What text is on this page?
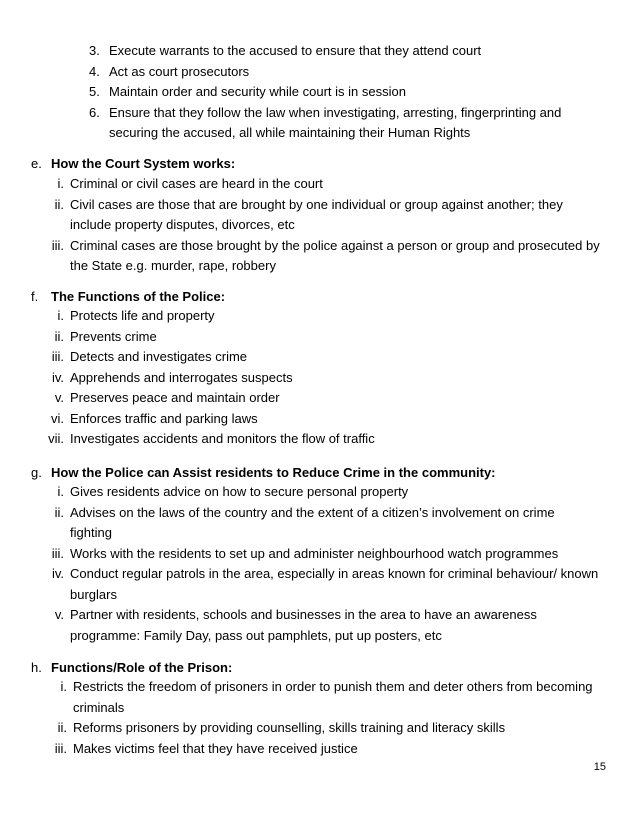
3. Execute warrants to the accused to ensure that they attend court
4. Act as court prosecutors
5. Maintain order and security while court is in session
6. Ensure that they follow the law when investigating, arresting, fingerprinting and securing the accused, all while maintaining their Human Rights
e. How the Court System works:
i. Criminal or civil cases are heard in the court
ii. Civil cases are those that are brought by one individual or group against another; they include property disputes, divorces, etc
iii. Criminal cases are those brought by the police against a person or group and prosecuted by the State e.g. murder, rape, robbery
f. The Functions of the Police:
i. Protects life and property
ii. Prevents crime
iii. Detects and investigates crime
iv. Apprehends and interrogates suspects
v. Preserves peace and maintain order
vi. Enforces traffic and parking laws
vii. Investigates accidents and monitors the flow of traffic
g. How the Police can Assist residents to Reduce Crime in the community:
i. Gives residents advice on how to secure personal property
ii. Advises on the laws of the country and the extent of a citizen’s involvement on crime fighting
iii. Works with the residents to set up and administer neighbourhood watch programmes
iv. Conduct regular patrols in the area, especially in areas known for criminal behaviour/ known burglars
v. Partner with residents, schools and businesses in the area to have an awareness programme: Family Day, pass out pamphlets, put up posters, etc
h. Functions/Role of the Prison:
i. Restricts the freedom of prisoners in order to punish them and deter others from becoming criminals
ii. Reforms prisoners by providing counselling, skills training and literacy skills
iii. Makes victims feel that they have received justice
15
